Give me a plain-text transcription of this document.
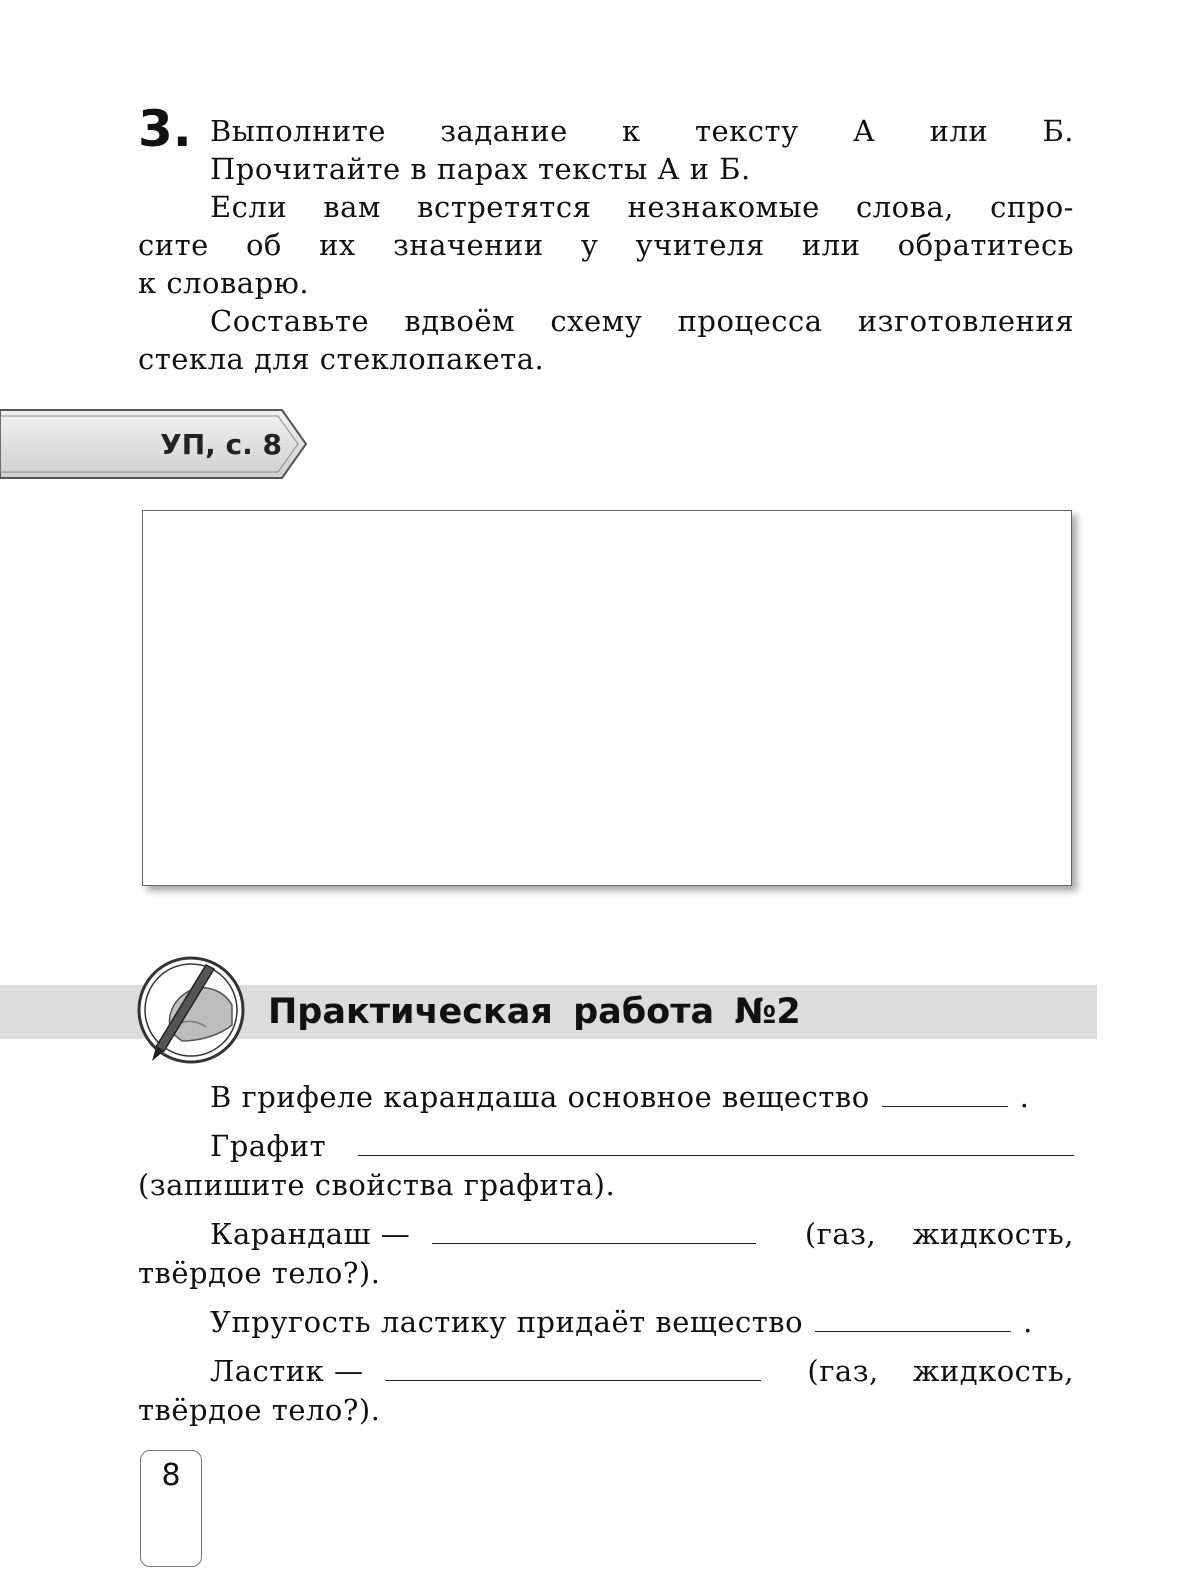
3. Выполните задание к тексту А или Б.
Прочитайте в парах тексты А и Б.
Если вам встретятся незнакомые слова, спро-
сите об их значении у учителя или обратитесь
к словарю.
Составьте вдвоём схему процесса изготовления
стекла для стеклопакета.
УП, с. 8
Практическая работа №2
В грифеле карандаша основное вещество	.
Графит
(запишите свойства графита).
Карандаш —	(газ, жидкость,
твёрдое тело?).
Упругость ластику придаёт вещество	.
Ластик —	(газ, жидкость,
твёрдое тело?).
8
